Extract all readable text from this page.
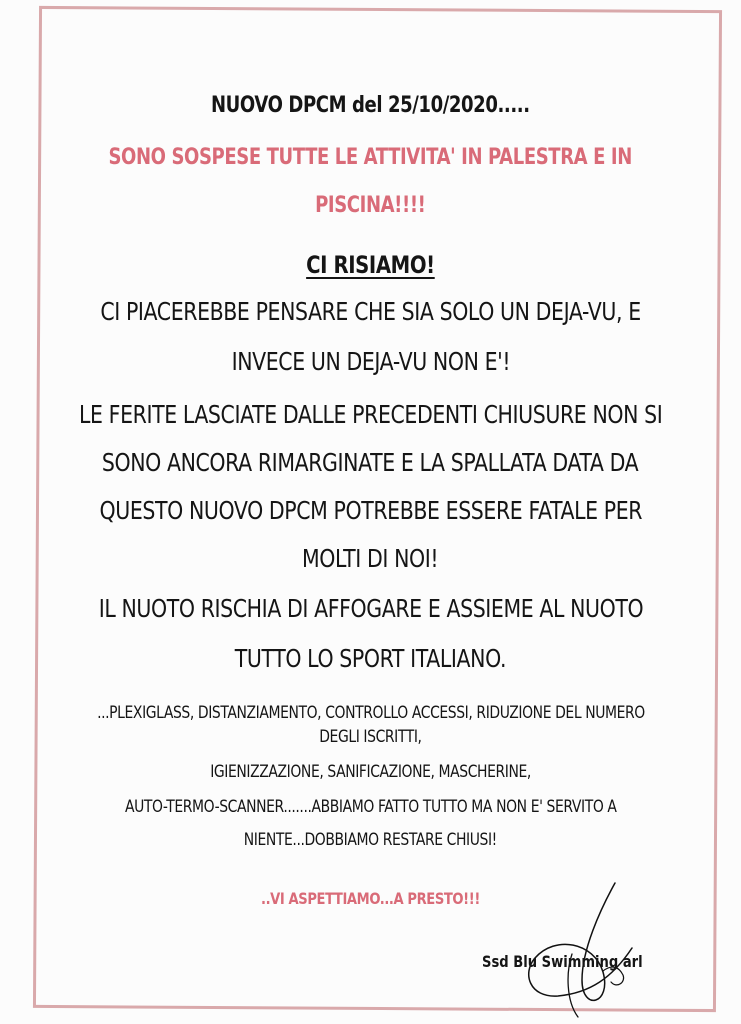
NUOVO DPCM del 25/10/2020.....
SONO SOSPESE TUTTE LE ATTIVITA' IN PALESTRA E IN
PISCINA!!!!
CI RISIAMO!
CI PIACEREBBE PENSARE CHE SIA SOLO UN DEJA-VU, E
INVECE UN DEJA-VU NON E'!
LE FERITE LASCIATE DALLE PRECEDENTI CHIUSURE NON SI
SONO ANCORA RIMARGINATE E LA SPALLATA DATA DA
QUESTO NUOVO DPCM POTREBBE ESSERE FATALE PER
MOLTI DI NOI!
IL NUOTO RISCHIA DI AFFOGARE E ASSIEME AL NUOTO
TUTTO LO SPORT ITALIANO.
...PLEXIGLASS, DISTANZIAMENTO, CONTROLLO ACCESSI, RIDUZIONE DEL NUMERO
DEGLI ISCRITTI,
IGIENIZZAZIONE, SANIFICAZIONE, MASCHERINE,
AUTO-TERMO-SCANNER.......ABBIAMO FATTO TUTTO MA NON E' SERVITO A
NIENTE...DOBBIAMO RESTARE CHIUSI!
..VI ASPETTIAMO...A PRESTO!!!
Ssd Blu Swimming arl
